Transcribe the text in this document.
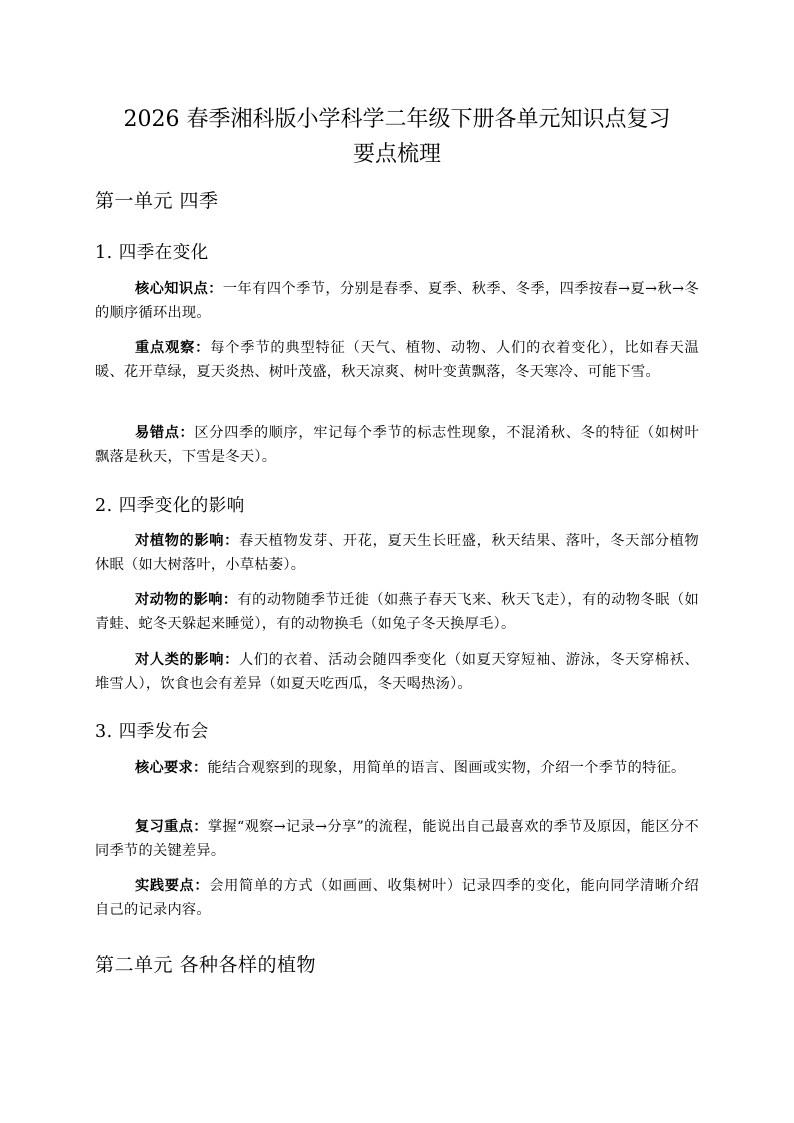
2026 春季湘科版小学科学二年级下册各单元知识点复习
要点梳理
第一单元 四季
1. 四季在变化

核心知识点：一年有四个季节，分别是春季、夏季、秋季、冬季，四季按春→夏→秋→冬的顺序循环出现。

重点观察：每个季节的典型特征（天气、植物、动物、人们的衣着变化），比如春天温暖、花开草绿，夏天炎热、树叶茂盛，秋天凉爽、树叶变黄飘落，冬天寒冷、可能下雪。

易错点：区分四季的顺序，牢记每个季节的标志性现象，不混淆秋、冬的特征（如树叶飘落是秋天，下雪是冬天）。

2. 四季变化的影响

对植物的影响：春天植物发芽、开花，夏天生长旺盛，秋天结果、落叶，冬天部分植物休眠（如大树落叶，小草枯萎）。

对动物的影响：有的动物随季节迁徙（如燕子春天飞来、秋天飞走），有的动物冬眠（如青蛙、蛇冬天躲起来睡觉），有的动物换毛（如兔子冬天换厚毛）。

对人类的影响：人们的衣着、活动会随四季变化（如夏天穿短袖、游泳，冬天穿棉袄、堆雪人），饮食也会有差异（如夏天吃西瓜，冬天喝热汤）。

3. 四季发布会

核心要求：能结合观察到的现象，用简单的语言、图画或实物，介绍一个季节的特征。

复习重点：掌握“观察→记录→分享”的流程，能说出自己最喜欢的季节及原因，能区分不同季节的关键差异。

实践要点：会用简单的方式（如画画、收集树叶）记录四季的变化，能向同学清晰介绍自己的记录内容。

第二单元 各种各样的植物
